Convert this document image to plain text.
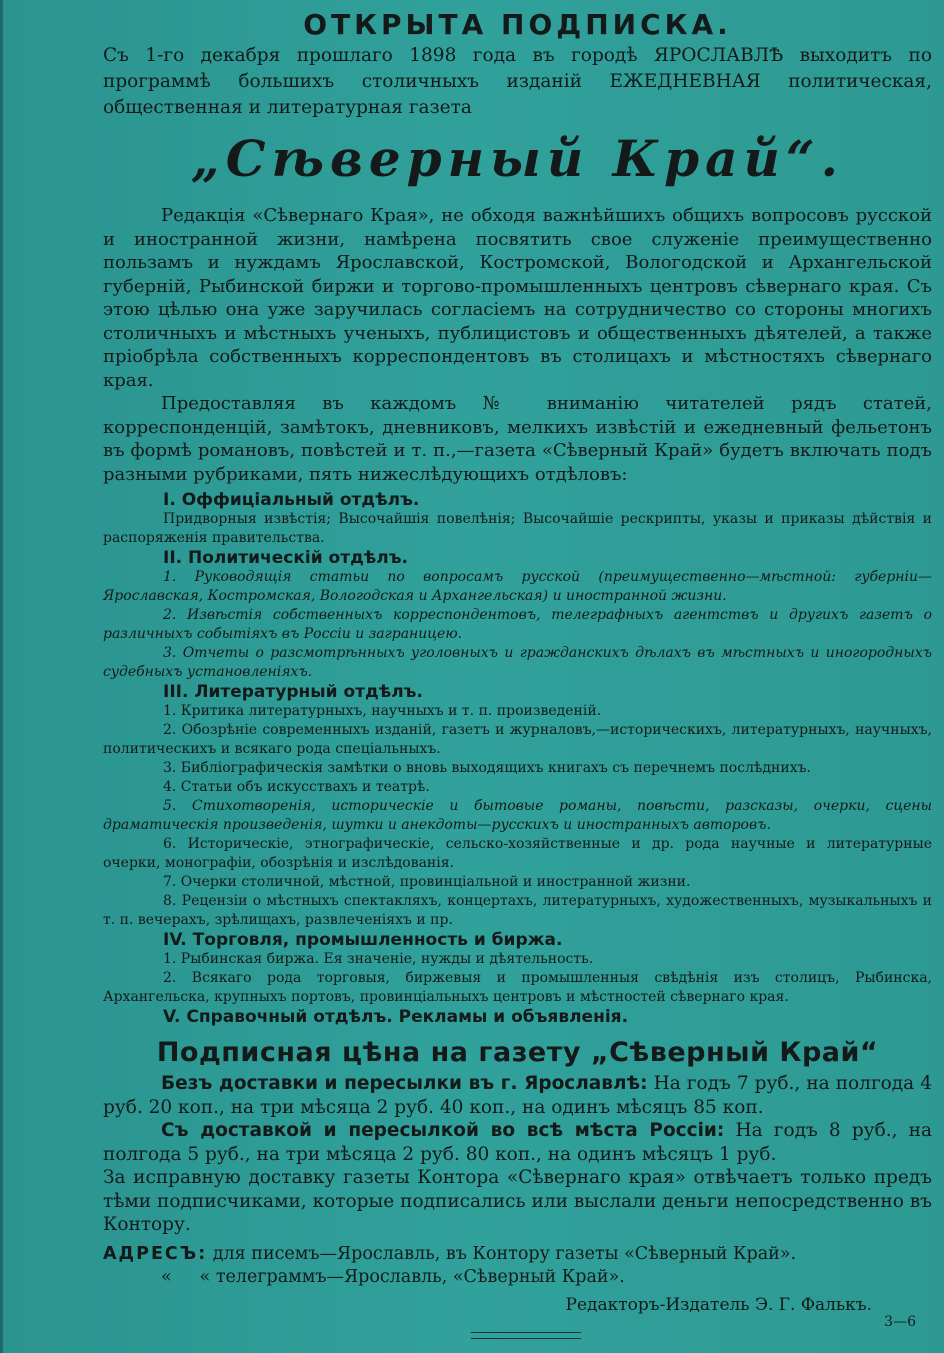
ОТКРЫТА ПОДПИСКА.

Съ 1-го декабря прошлаго 1898 года въ городѣ ЯРОСЛАВЛѢ выходитъ по программѣ большихъ столичныхъ изданій ЕЖЕДНЕВНАЯ политическая, общественная и литературная газета

„Сѣверный Край“.

Редакція «Сѣвернаго Края», не обходя важнѣйшихъ общихъ вопросовъ русской и иностранной жизни, намѣрена посвятить свое служеніе преимущественно пользамъ и нуждамъ Ярославской, Костромской, Вологодской и Архангельской губерній, Рыбинской биржи и торгово-промышленныхъ центровъ сѣвернаго края. Съ этою цѣлью она уже заручилась согласіемъ на сотрудничество со стороны многихъ столичныхъ и мѣстныхъ ученыхъ, публицистовъ и общественныхъ дѣятелей, а также пріобрѣла собственныхъ корреспондентовъ въ столицахъ и мѣстностяхъ сѣвернаго края.

Предоставляя въ каждомъ № вниманію читателей рядъ статей, корреспонденцій, замѣтокъ, дневниковъ, мелкихъ извѣстій и ежедневный фельетонъ въ формѣ романовъ, повѣстей и т. п.,—газета «Сѣверный Край» будетъ включать подъ разными рубриками, пять нижеслѣдующихъ отдѣловъ:

I. Оффиціальный отдѣлъ.

Придворныя извѣстія; Высочайшія повелѣнія; Высочайшіе рескрипты, указы и приказы дѣйствія и распоряженія правительства.

II. Политическій отдѣлъ.

1. Руководящія статьи по вопросамъ русской (преимущественно—мѣстной: губерніи—Ярославская, Костромская, Вологодская и Архангельская) и иностранной жизни.

2. Извѣстія собственныхъ корреспондентовъ, телеграфныхъ агентствъ и другихъ газетъ о различныхъ событіяхъ въ Россіи и заграницею.

3. Отчеты о разсмотрѣнныхъ уголовныхъ и гражданскихъ дѣлахъ въ мѣстныхъ и иногородныхъ судебныхъ установленіяхъ.

III. Литературный отдѣлъ.

1. Критика литературныхъ, научныхъ и т. п. произведеній.

2. Обозрѣніе современныхъ изданій, газетъ и журналовъ,—историческихъ, литературныхъ, научныхъ, политическихъ и всякаго рода спеціальныхъ.

3. Библіографическія замѣтки о вновь выходящихъ книгахъ съ перечнемъ послѣднихъ.

4. Статьи объ искусствахъ и театрѣ.

5. Стихотворенія, историческіе и бытовые романы, повѣсти, разсказы, очерки, сцены драматическія произведенія, шутки и анекдоты—русскихъ и иностранныхъ авторовъ.

6. Историческіе, этнографическіе, сельско-хозяйственные и др. рода научные и литературные очерки, монографіи, обозрѣнія и изслѣдованія.

7. Очерки столичной, мѣстной, провинціальной и иностранной жизни.

8. Рецензіи о мѣстныхъ спектакляхъ, концертахъ, литературныхъ, художественныхъ, музыкальныхъ и т. п. вечерахъ, зрѣлищахъ, развлеченіяхъ и пр.

IV. Торговля, промышленность и биржа.

1. Рыбинская биржа. Ея значеніе, нужды и дѣятельность.

2. Всякаго рода торговыя, биржевыя и промышленныя свѣдѣнія изъ столицъ, Рыбинска, Архангельска, крупныхъ портовъ, провинціальныхъ центровъ и мѣстностей сѣвернаго края.

V. Справочный отдѣлъ. Рекламы и объявленія.
Подписная цѣна на газету „Сѣверный Край“

Безъ доставки и пересылки въ г. Ярославлѣ: На годъ 7 руб., на полгода 4 руб. 20 коп., на три мѣсяца 2 руб. 40 коп., на одинъ мѣсяцъ 85 коп.

Съ доставкой и пересылкой во всѣ мѣста Россіи: На годъ 8 руб., на полгода 5 руб., на три мѣсяца 2 руб. 80 коп., на одинъ мѣсяцъ 1 руб.

За исправную доставку газеты Контора «Сѣвернаго края» отвѣчаетъ только предъ тѣми подписчиками, которые подписались или выслали деньги непосредственно въ Контору.

АДРЕСЪ: для писемъ—Ярославль, въ Контору газеты «Сѣверный Край».

«     « телеграммъ—Ярославль, «Сѣверный Край».

Редакторъ-Издатель Э. Г. Фалькъ.
3—6
